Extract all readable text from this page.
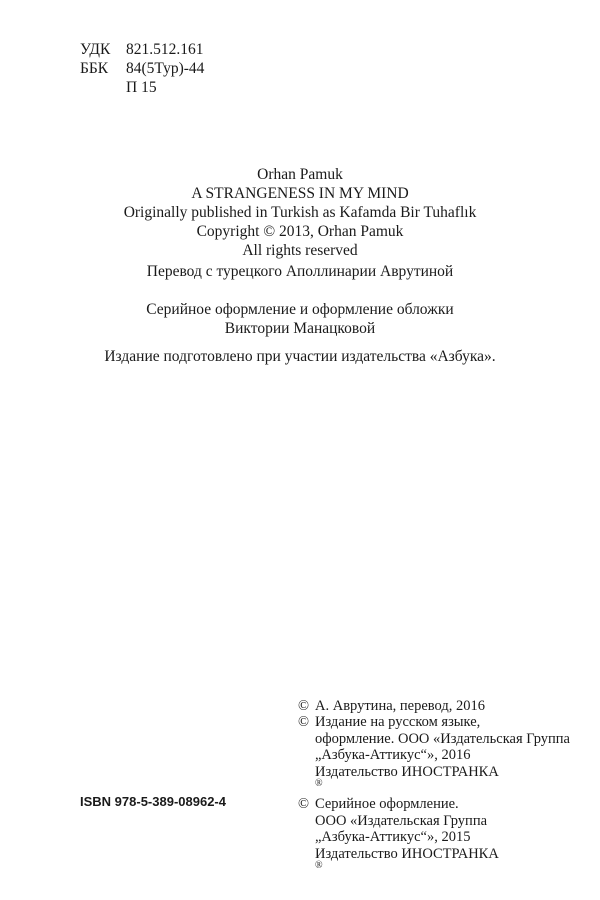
УДК	821.512.161
ББК	84(5Тур)-44
П 15

Orhan Pamuk

A STRANGENESS IN MY MIND

Originally published in Turkish as Kafamda Bir Tuhaflık

Copyright © 2013, Orhan Pamuk

All rights reserved

Перевод с турецкого Аполлинарии Аврутиной

Серийное оформление и оформление обложки

Виктории Манацковой

Издание подготовлено при участии издательства «Азбука».

© А. Аврутина, перевод, 2016
© Издание на русском языке,
оформление. ООО «Издательская Группа
„Азбука-Аттикус“», 2016
Издательство ИНОСТРАНКА
®
© Серийное оформление.
ООО «Издательская Группа
„Азбука-Аттикус“», 2015
Издательство ИНОСТРАНКА
®
ISBN 978-5-389-08962-4
